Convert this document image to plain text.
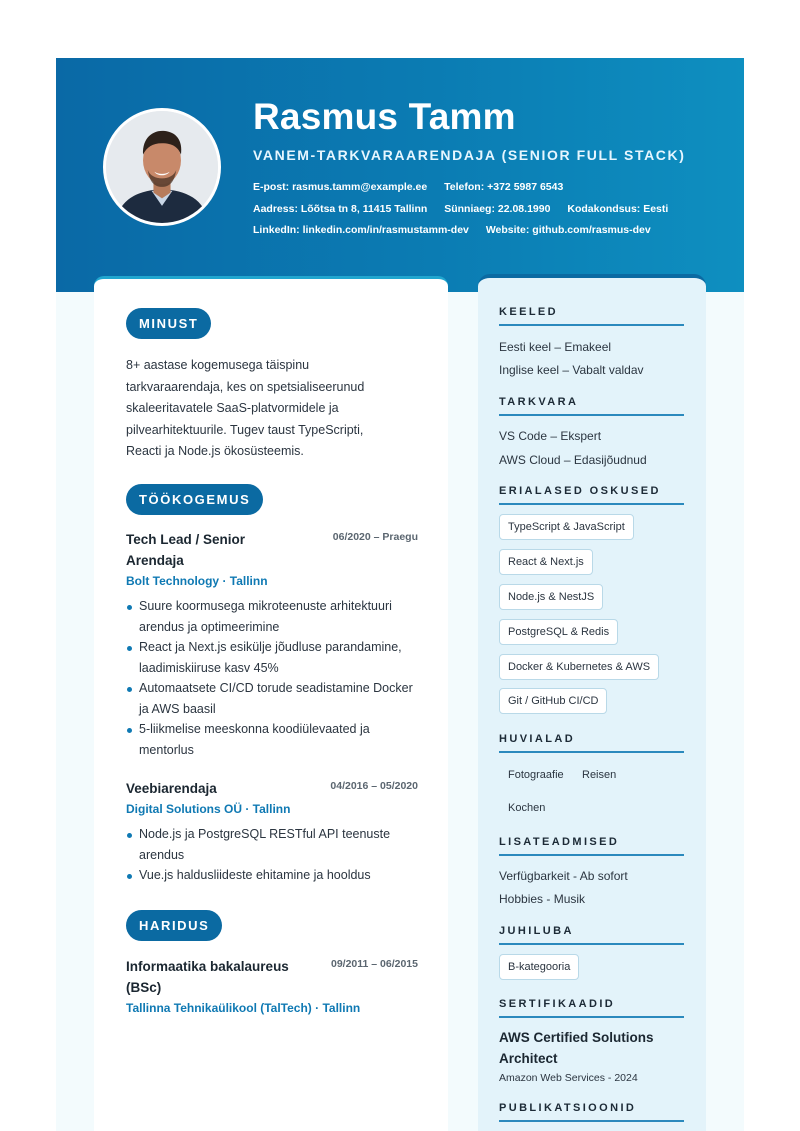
Rasmus Tamm
VANEM-TARKVARAARENDAJA (SENIOR FULL STACK)
E-post: rasmus.tamm@example.ee Telefon: +372 5987 6543
Aadress: Lõõtsa tn 8, 11415 Tallinn Sünniaeg: 22.08.1990 Kodakondsus: Eesti
LinkedIn: linkedin.com/in/rasmustamm-dev Website: github.com/rasmus-dev
MINUST
8+ aastase kogemusega täispinu tarkvaraarendaja, kes on spetsialiseerunud skaleeritavatele SaaS-platvormidele ja pilvearhitektuurile. Tugev taust TypeScripti, Reacti ja Node.js ökosüsteemis.
TÖÖKOGEMUS
Tech Lead / Senior Arendaja
06/2020 – Praegu
Bolt Technology · Tallinn
Suure koormusega mikroteenuste arhitektuuri arendus ja optimeerimine
React ja Next.js esikülje jõudluse parandamine, laadimiskiiruse kasv 45%
Automaatsete CI/CD torude seadistamine Docker ja AWS baasil
5-liikmelise meeskonna koodiülevaated ja mentorlus
Veebiarendaja	04/2016 – 05/2020
Digital Solutions OÜ · Tallinn
Node.js ja PostgreSQL RESTful API teenuste arendus
Vue.js haldusliideste ehitamine ja hooldus
HARIDUS
Informaatika bakalaureus (BSc)
09/2011 – 06/2015
Tallinna Tehnikaülikool (TalTech) · Tallinn
KEELED
Eesti keel – Emakeel
Inglise keel – Vabalt valdav
TARKVARA
VS Code – Ekspert
AWS Cloud – Edasijõudnud
ERIALASED OSKUSED
TypeScript & JavaScript
React & Next.js
Node.js & NestJS
PostgreSQL & Redis
Docker & Kubernetes & AWS
Git / GitHub CI/CD
HUVIALAD
Fotograafie Reisen
Kochen
LISATEADMISED
Verfügbarkeit - Ab sofort
Hobbies - Musik
JUHILUBA
B-kategooria
SERTIFIKAADID
AWS Certified Solutions Architect
Amazon Web Services - 2024
PUBLIKATSIOONID
